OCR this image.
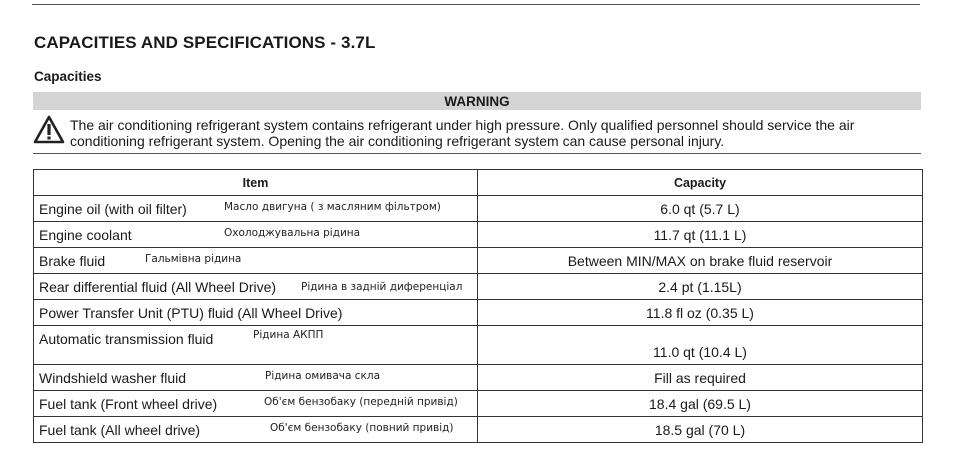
CAPACITIES AND SPECIFICATIONS - 3.7L
Capacities
WARNING
The air conditioning refrigerant system contains refrigerant under high pressure. Only qualified personnel should service the air conditioning refrigerant system. Opening the air conditioning refrigerant system can cause personal injury.
Item	Capacity

Engine oil (with oil filter) Масло двигуна ( з масляним фільтром)	6.0 qt (5.7 L)

Engine coolant Охолоджувальна рідина	11.7 qt (11.1 L)

Brake fluid Гальмівна рідина	Between MIN/MAX on brake fluid reservoir

Rear differential fluid (All Wheel Drive) Рідина в задній диференціал	2.4 pt (1.15L)

Power Transfer Unit (PTU) fluid (All Wheel Drive)	11.8 fl oz (0.35 L)

Automatic transmission fluid Рідина АКПП	11.0 qt (10.4 L)

Windshield washer fluid Рідина омивача скла	Fill as required

Fuel tank (Front wheel drive) Об'єм бензобаку (передній привід)	18.4 gal (69.5 L)

Fuel tank (All wheel drive) Об'єм бензобаку (повний привід)	18.5 gal (70 L)
